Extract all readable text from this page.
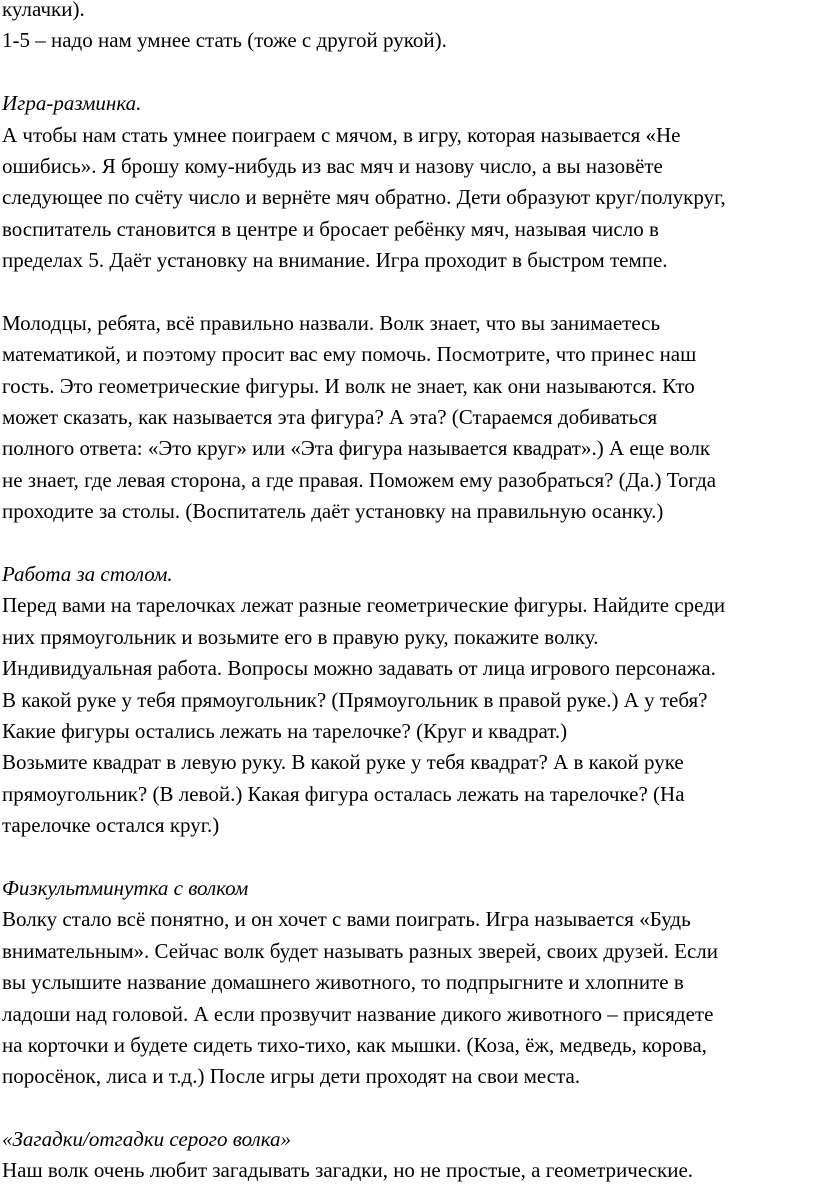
кулачки).
1-5 – надо нам умнее стать (тоже с другой рукой).
Игра-разминка.
А чтобы нам стать умнее поиграем с мячом, в игру, которая называется «Не
ошибись». Я брошу кому-нибудь из вас мяч и назову число, а вы назовёте
следующее по счёту число и вернёте мяч обратно. Дети образуют круг/полукруг,
воспитатель становится в центре и бросает ребёнку мяч, называя число в
пределах 5. Даёт установку на внимание. Игра проходит в быстром темпе.
Молодцы, ребята, всё правильно назвали. Волк знает, что вы занимаетесь
математикой, и поэтому просит вас ему помочь. Посмотрите, что принес наш
гость. Это геометрические фигуры. И волк не знает, как они называются. Кто
может сказать, как называется эта фигура? А эта? (Стараемся добиваться
полного ответа: «Это круг» или «Эта фигура называется квадрат».) А еще волк
не знает, где левая сторона, а где правая. Поможем ему разобраться? (Да.) Тогда
проходите за столы. (Воспитатель даёт установку на правильную осанку.)
Работа за столом.
Перед вами на тарелочках лежат разные геометрические фигуры. Найдите среди
них прямоугольник и возьмите его в правую руку, покажите волку.
Индивидуальная работа. Вопросы можно задавать от лица игрового персонажа.
В какой руке у тебя прямоугольник? (Прямоугольник в правой руке.) А у тебя?
Какие фигуры остались лежать на тарелочке? (Круг и квадрат.)
Возьмите квадрат в левую руку. В какой руке у тебя квадрат? А в какой руке
прямоугольник? (В левой.) Какая фигура осталась лежать на тарелочке? (На
тарелочке остался круг.)
Физкультминутка с волком
Волку стало всё понятно, и он хочет с вами поиграть. Игра называется «Будь
внимательным». Сейчас волк будет называть разных зверей, своих друзей. Если
вы услышите название домашнего животного, то подпрыгните и хлопните в
ладоши над головой. А если прозвучит название дикого животного – присядете
на корточки и будете сидеть тихо-тихо, как мышки. (Коза, ёж, медведь, корова,
поросёнок, лиса и т.д.) После игры дети проходят на свои места.
«Загадки/отгадки серого волка»
Наш волк очень любит загадывать загадки, но не простые, а геометрические.
